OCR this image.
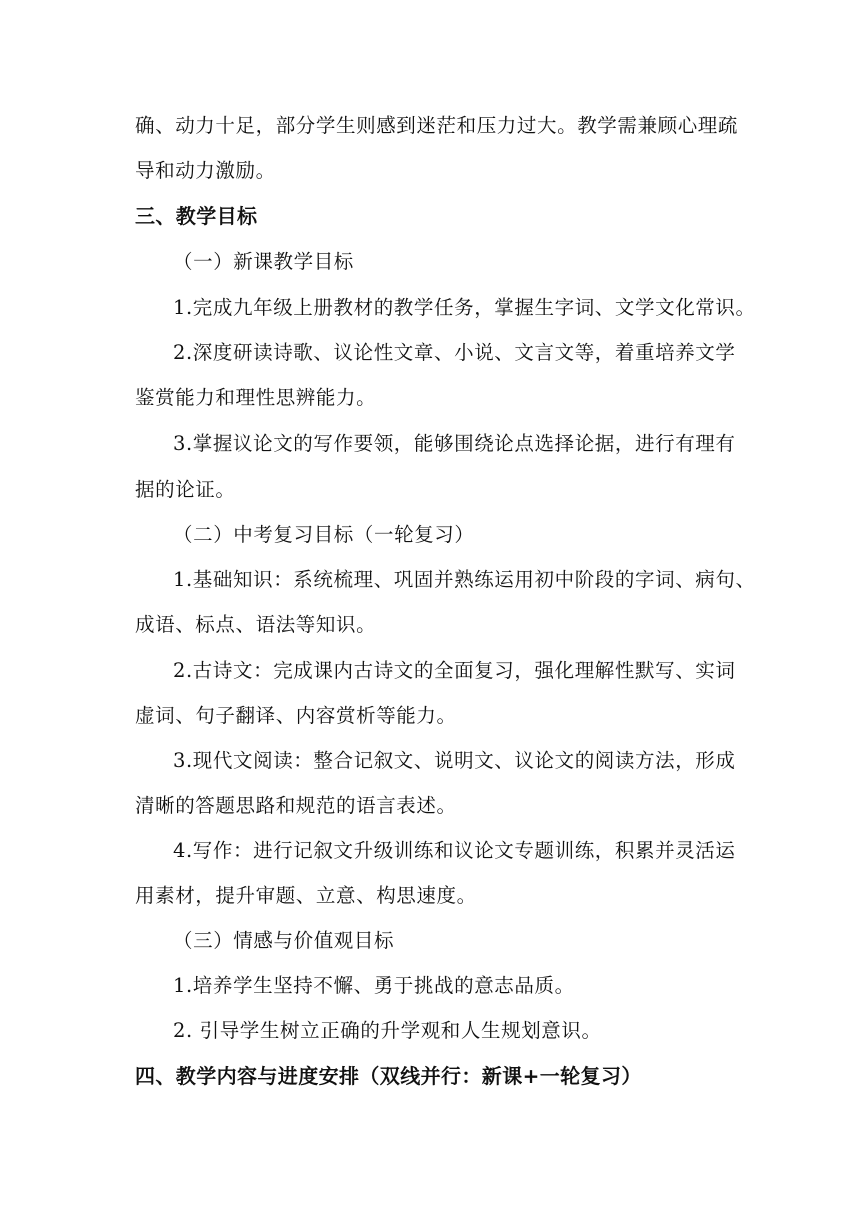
确、动力十足，部分学生则感到迷茫和压力过大。教学需兼顾心理疏
导和动力激励。
三、教学目标
（一）新课教学目标
1.完成九年级上册教材的教学任务，掌握生字词、文学文化常识。
2.深度研读诗歌、议论性文章、小说、文言文等，着重培养文学
鉴赏能力和理性思辨能力。
3.掌握议论文的写作要领，能够围绕论点选择论据，进行有理有
据的论证。
（二）中考复习目标（一轮复习）
1.基础知识：系统梳理、巩固并熟练运用初中阶段的字词、病句、
成语、标点、语法等知识。
2.古诗文：完成课内古诗文的全面复习，强化理解性默写、实词
虚词、句子翻译、内容赏析等能力。
3.现代文阅读：整合记叙文、说明文、议论文的阅读方法，形成
清晰的答题思路和规范的语言表述。
4.写作：进行记叙文升级训练和议论文专题训练，积累并灵活运
用素材，提升审题、立意、构思速度。
（三）情感与价值观目标
1.培养学生坚持不懈、勇于挑战的意志品质。
2. 引导学生树立正确的升学观和人生规划意识。
四、教学内容与进度安排（双线并行：新课+一轮复习）
